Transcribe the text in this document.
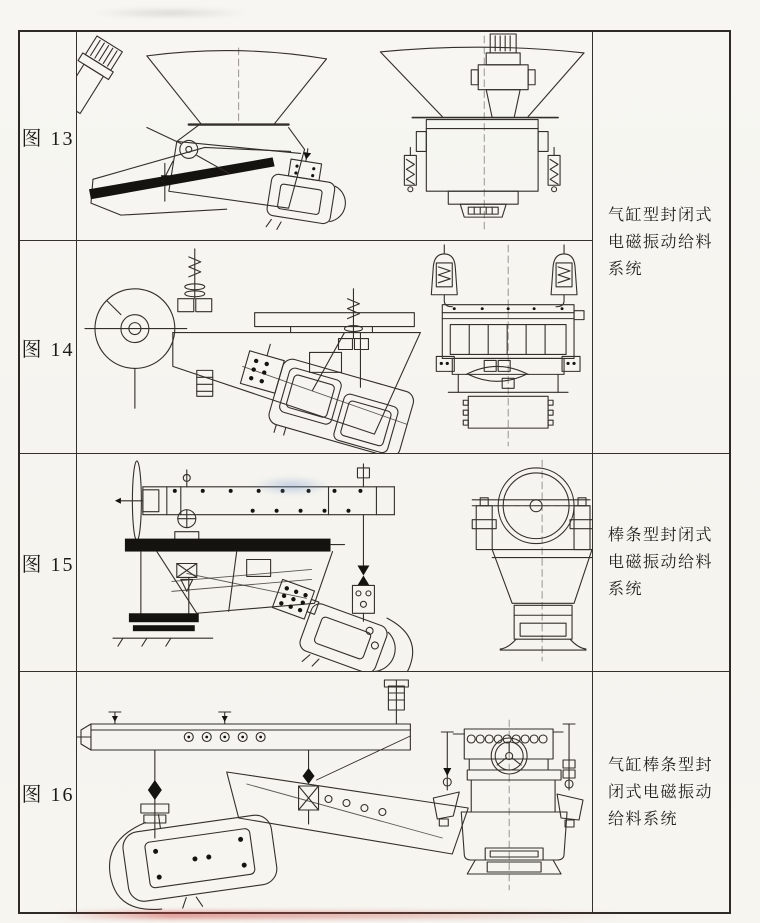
图 13
气缸型封闭式
电磁振动给料
系统
图 14
图 15
棒条型封闭式
电磁振动给料
系统
图 16
气缸棒条型封
闭式电磁振动
给料系统
